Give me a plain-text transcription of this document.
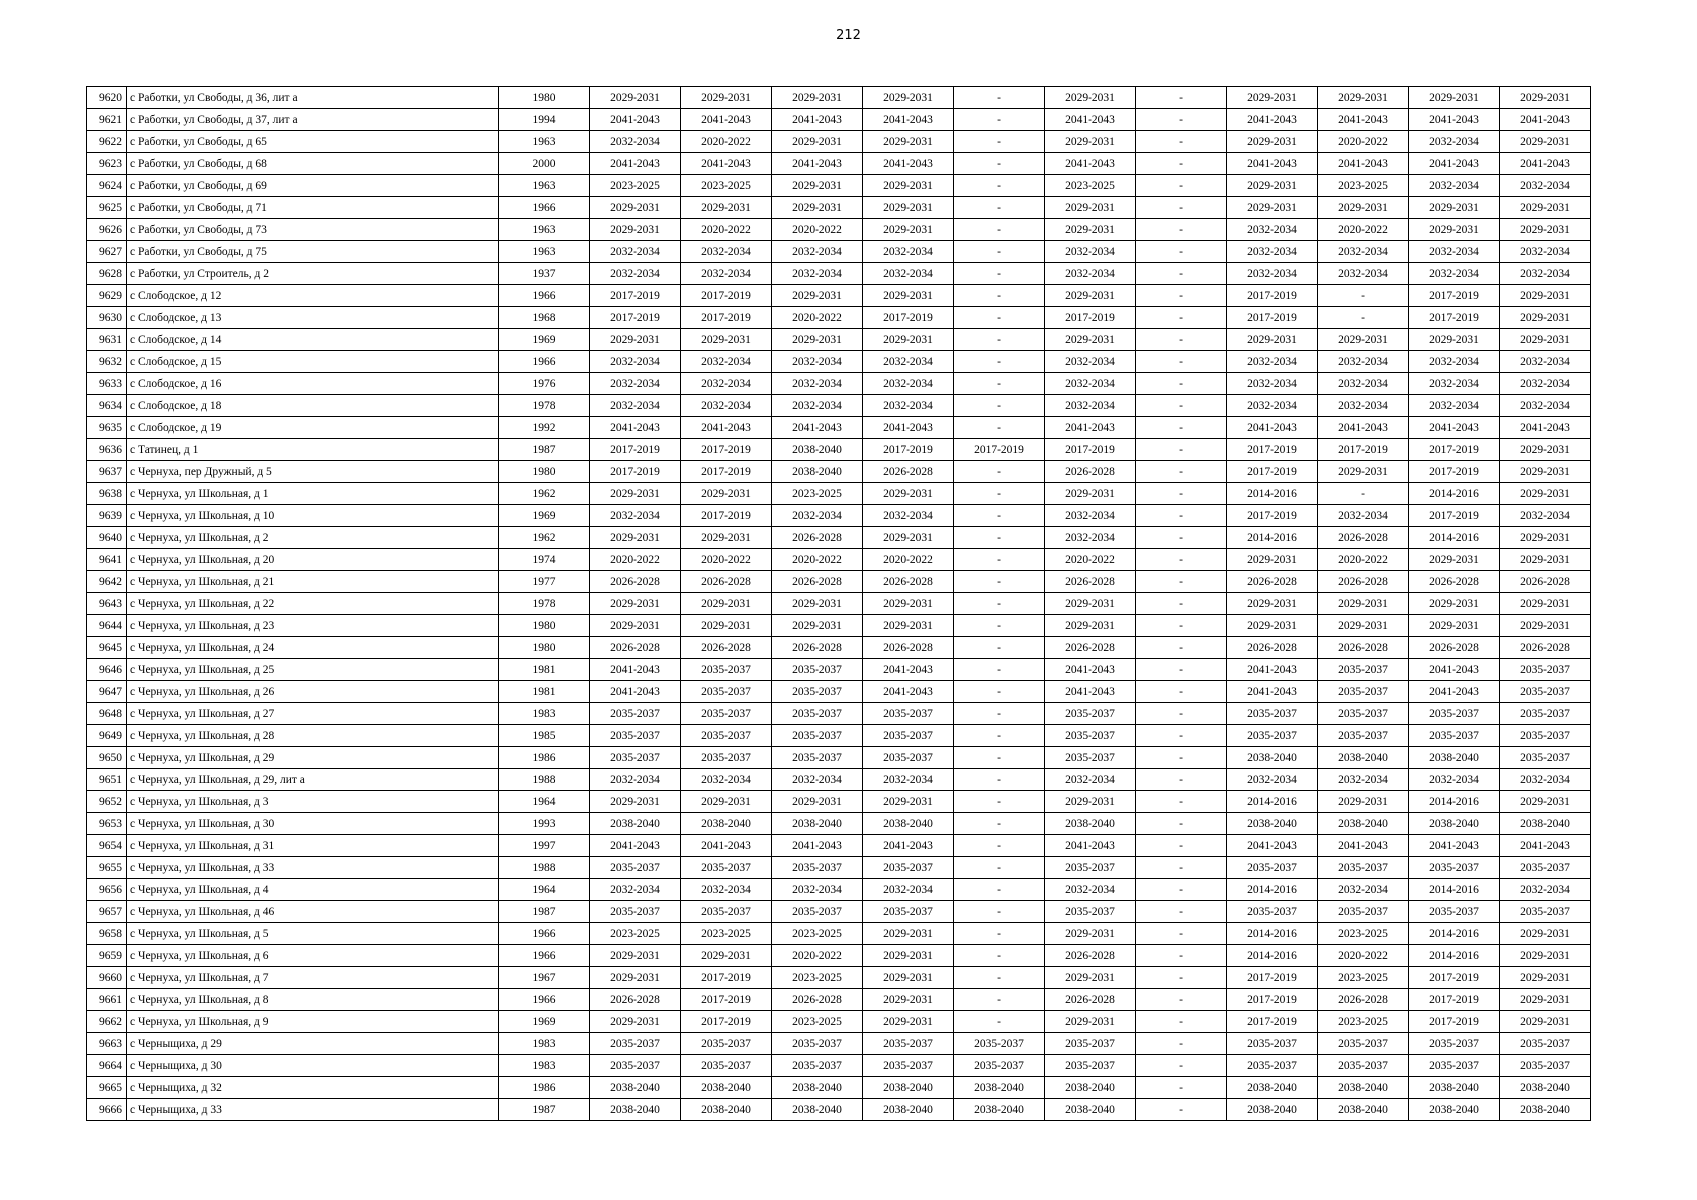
212
9620	с Работки, ул Свободы, д 36, лит а	1980	2029-2031	2029-2031	2029-2031	2029-2031	-	2029-2031	-	2029-2031	2029-2031	2029-2031	2029-2031
9621	с Работки, ул Свободы, д 37, лит а	1994	2041-2043	2041-2043	2041-2043	2041-2043	-	2041-2043	-	2041-2043	2041-2043	2041-2043	2041-2043
9622	с Работки, ул Свободы, д 65	1963	2032-2034	2020-2022	2029-2031	2029-2031	-	2029-2031	-	2029-2031	2020-2022	2032-2034	2029-2031
9623	с Работки, ул Свободы, д 68	2000	2041-2043	2041-2043	2041-2043	2041-2043	-	2041-2043	-	2041-2043	2041-2043	2041-2043	2041-2043
9624	с Работки, ул Свободы, д 69	1963	2023-2025	2023-2025	2029-2031	2029-2031	-	2023-2025	-	2029-2031	2023-2025	2032-2034	2032-2034
9625	с Работки, ул Свободы, д 71	1966	2029-2031	2029-2031	2029-2031	2029-2031	-	2029-2031	-	2029-2031	2029-2031	2029-2031	2029-2031
9626	с Работки, ул Свободы, д 73	1963	2029-2031	2020-2022	2020-2022	2029-2031	-	2029-2031	-	2032-2034	2020-2022	2029-2031	2029-2031
9627	с Работки, ул Свободы, д 75	1963	2032-2034	2032-2034	2032-2034	2032-2034	-	2032-2034	-	2032-2034	2032-2034	2032-2034	2032-2034
9628	с Работки, ул Строитель, д 2	1937	2032-2034	2032-2034	2032-2034	2032-2034	-	2032-2034	-	2032-2034	2032-2034	2032-2034	2032-2034
9629	с Слободское, д 12	1966	2017-2019	2017-2019	2029-2031	2029-2031	-	2029-2031	-	2017-2019	-	2017-2019	2029-2031
9630	с Слободское, д 13	1968	2017-2019	2017-2019	2020-2022	2017-2019	-	2017-2019	-	2017-2019	-	2017-2019	2029-2031
9631	с Слободское, д 14	1969	2029-2031	2029-2031	2029-2031	2029-2031	-	2029-2031	-	2029-2031	2029-2031	2029-2031	2029-2031
9632	с Слободское, д 15	1966	2032-2034	2032-2034	2032-2034	2032-2034	-	2032-2034	-	2032-2034	2032-2034	2032-2034	2032-2034
9633	с Слободское, д 16	1976	2032-2034	2032-2034	2032-2034	2032-2034	-	2032-2034	-	2032-2034	2032-2034	2032-2034	2032-2034
9634	с Слободское, д 18	1978	2032-2034	2032-2034	2032-2034	2032-2034	-	2032-2034	-	2032-2034	2032-2034	2032-2034	2032-2034
9635	с Слободское, д 19	1992	2041-2043	2041-2043	2041-2043	2041-2043	-	2041-2043	-	2041-2043	2041-2043	2041-2043	2041-2043
9636	с Татинец, д 1	1987	2017-2019	2017-2019	2038-2040	2017-2019	2017-2019	2017-2019	-	2017-2019	2017-2019	2017-2019	2029-2031
9637	с Чернуха, пер Дружный, д 5	1980	2017-2019	2017-2019	2038-2040	2026-2028	-	2026-2028	-	2017-2019	2029-2031	2017-2019	2029-2031
9638	с Чернуха, ул Школьная, д 1	1962	2029-2031	2029-2031	2023-2025	2029-2031	-	2029-2031	-	2014-2016	-	2014-2016	2029-2031
9639	с Чернуха, ул Школьная, д 10	1969	2032-2034	2017-2019	2032-2034	2032-2034	-	2032-2034	-	2017-2019	2032-2034	2017-2019	2032-2034
9640	с Чернуха, ул Школьная, д 2	1962	2029-2031	2029-2031	2026-2028	2029-2031	-	2032-2034	-	2014-2016	2026-2028	2014-2016	2029-2031
9641	с Чернуха, ул Школьная, д 20	1974	2020-2022	2020-2022	2020-2022	2020-2022	-	2020-2022	-	2029-2031	2020-2022	2029-2031	2029-2031
9642	с Чернуха, ул Школьная, д 21	1977	2026-2028	2026-2028	2026-2028	2026-2028	-	2026-2028	-	2026-2028	2026-2028	2026-2028	2026-2028
9643	с Чернуха, ул Школьная, д 22	1978	2029-2031	2029-2031	2029-2031	2029-2031	-	2029-2031	-	2029-2031	2029-2031	2029-2031	2029-2031
9644	с Чернуха, ул Школьная, д 23	1980	2029-2031	2029-2031	2029-2031	2029-2031	-	2029-2031	-	2029-2031	2029-2031	2029-2031	2029-2031
9645	с Чернуха, ул Школьная, д 24	1980	2026-2028	2026-2028	2026-2028	2026-2028	-	2026-2028	-	2026-2028	2026-2028	2026-2028	2026-2028
9646	с Чернуха, ул Школьная, д 25	1981	2041-2043	2035-2037	2035-2037	2041-2043	-	2041-2043	-	2041-2043	2035-2037	2041-2043	2035-2037
9647	с Чернуха, ул Школьная, д 26	1981	2041-2043	2035-2037	2035-2037	2041-2043	-	2041-2043	-	2041-2043	2035-2037	2041-2043	2035-2037
9648	с Чернуха, ул Школьная, д 27	1983	2035-2037	2035-2037	2035-2037	2035-2037	-	2035-2037	-	2035-2037	2035-2037	2035-2037	2035-2037
9649	с Чернуха, ул Школьная, д 28	1985	2035-2037	2035-2037	2035-2037	2035-2037	-	2035-2037	-	2035-2037	2035-2037	2035-2037	2035-2037
9650	с Чернуха, ул Школьная, д 29	1986	2035-2037	2035-2037	2035-2037	2035-2037	-	2035-2037	-	2038-2040	2038-2040	2038-2040	2035-2037
9651	с Чернуха, ул Школьная, д 29, лит а	1988	2032-2034	2032-2034	2032-2034	2032-2034	-	2032-2034	-	2032-2034	2032-2034	2032-2034	2032-2034
9652	с Чернуха, ул Школьная, д 3	1964	2029-2031	2029-2031	2029-2031	2029-2031	-	2029-2031	-	2014-2016	2029-2031	2014-2016	2029-2031
9653	с Чернуха, ул Школьная, д 30	1993	2038-2040	2038-2040	2038-2040	2038-2040	-	2038-2040	-	2038-2040	2038-2040	2038-2040	2038-2040
9654	с Чернуха, ул Школьная, д 31	1997	2041-2043	2041-2043	2041-2043	2041-2043	-	2041-2043	-	2041-2043	2041-2043	2041-2043	2041-2043
9655	с Чернуха, ул Школьная, д 33	1988	2035-2037	2035-2037	2035-2037	2035-2037	-	2035-2037	-	2035-2037	2035-2037	2035-2037	2035-2037
9656	с Чернуха, ул Школьная, д 4	1964	2032-2034	2032-2034	2032-2034	2032-2034	-	2032-2034	-	2014-2016	2032-2034	2014-2016	2032-2034
9657	с Чернуха, ул Школьная, д 46	1987	2035-2037	2035-2037	2035-2037	2035-2037	-	2035-2037	-	2035-2037	2035-2037	2035-2037	2035-2037
9658	с Чернуха, ул Школьная, д 5	1966	2023-2025	2023-2025	2023-2025	2029-2031	-	2029-2031	-	2014-2016	2023-2025	2014-2016	2029-2031
9659	с Чернуха, ул Школьная, д 6	1966	2029-2031	2029-2031	2020-2022	2029-2031	-	2026-2028	-	2014-2016	2020-2022	2014-2016	2029-2031
9660	с Чернуха, ул Школьная, д 7	1967	2029-2031	2017-2019	2023-2025	2029-2031	-	2029-2031	-	2017-2019	2023-2025	2017-2019	2029-2031
9661	с Чернуха, ул Школьная, д 8	1966	2026-2028	2017-2019	2026-2028	2029-2031	-	2026-2028	-	2017-2019	2026-2028	2017-2019	2029-2031
9662	с Чернуха, ул Школьная, д 9	1969	2029-2031	2017-2019	2023-2025	2029-2031	-	2029-2031	-	2017-2019	2023-2025	2017-2019	2029-2031
9663	с Черныщиха, д 29	1983	2035-2037	2035-2037	2035-2037	2035-2037	2035-2037	2035-2037	-	2035-2037	2035-2037	2035-2037	2035-2037
9664	с Черныщиха, д 30	1983	2035-2037	2035-2037	2035-2037	2035-2037	2035-2037	2035-2037	-	2035-2037	2035-2037	2035-2037	2035-2037
9665	с Черныщиха, д 32	1986	2038-2040	2038-2040	2038-2040	2038-2040	2038-2040	2038-2040	-	2038-2040	2038-2040	2038-2040	2038-2040
9666	с Черныщиха, д 33	1987	2038-2040	2038-2040	2038-2040	2038-2040	2038-2040	2038-2040	-	2038-2040	2038-2040	2038-2040	2038-2040
